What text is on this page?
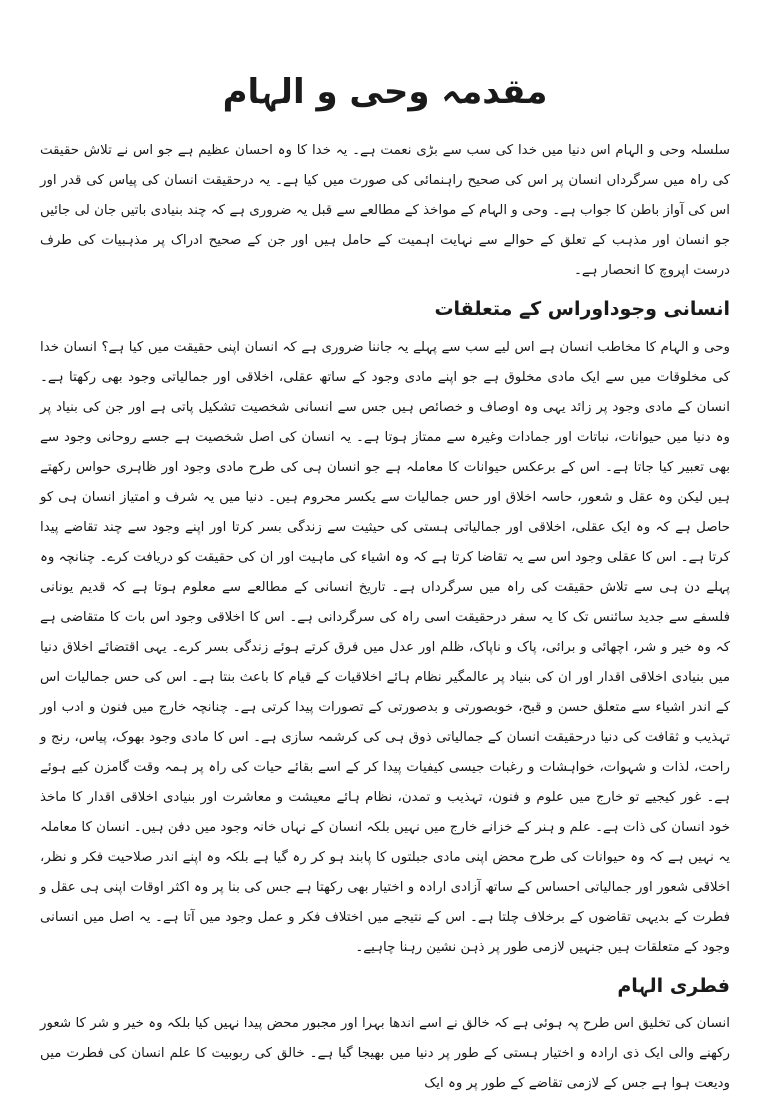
مقدمہ وحی و الہام

سلسلہ وحی و الہام اس دنیا میں خدا کی سب سے بڑی نعمت ہے۔ یہ خدا کا وہ احسان عظیم ہے جو اس نے تلاش حقیقت کی راہ میں سرگرداں انسان پر اس کی صحیح راہنمائی کی صورت میں کیا ہے۔ یہ درحقیقت انسان کی پیاس کی قدر اور اس کی آواز باطن کا جواب ہے۔ وحی و الہام کے مواخذ کے مطالعے سے قبل یہ ضروری ہے کہ چند بنیادی باتیں جان لی جائیں جو انسان اور مذہب کے تعلق کے حوالے سے نہایت اہمیت کے حامل ہیں اور جن کے صحیح ادراک پر مذہبیات کی طرف درست اپروچ کا انحصار ہے۔

انسانی وجوداوراس کے متعلقات

وحی و الہام کا مخاطب انسان ہے اس لیے سب سے پہلے یہ جاننا ضروری ہے کہ انسان اپنی حقیقت میں کیا ہے؟ انسان خدا کی مخلوقات میں سے ایک مادی مخلوق ہے جو اپنے مادی وجود کے ساتھ عقلی، اخلاقی اور جمالیاتی وجود بھی رکھتا ہے۔ انسان کے مادی وجود پر زائد یہی وہ اوصاف و خصائص ہیں جس سے انسانی شخصیت تشکیل پاتی ہے اور جن کی بنیاد پر وہ دنیا میں حیوانات، نباتات اور جمادات وغیرہ سے ممتاز ہوتا ہے۔ یہ انسان کی اصل شخصیت ہے جسے روحانی وجود سے بھی تعبیر کیا جاتا ہے۔ اس کے برعکس حیوانات کا معاملہ ہے جو انسان ہی کی طرح مادی وجود اور ظاہری حواس رکھتے ہیں لیکن وہ عقل و شعور، حاسہ اخلاق اور حس جمالیات سے یکسر محروم ہیں۔ دنیا میں یہ شرف و امتیاز انسان ہی کو حاصل ہے کہ وہ ایک عقلی، اخلاقی اور جمالیاتی ہستی کی حیثیت سے زندگی بسر کرتا اور اپنے وجود سے چند تقاضے پیدا کرتا ہے۔ اس کا عقلی وجود اس سے یہ تقاضا کرتا ہے کہ وہ اشیاء کی ماہیت اور ان کی حقیقت کو دریافت کرے۔ چنانچہ وہ پہلے دن ہی سے تلاش حقیقت کی راہ میں سرگرداں ہے۔ تاریخ انسانی کے مطالعے سے معلوم ہوتا ہے کہ قدیم یونانی فلسفے سے جدید سائنس تک کا یہ سفر درحقیقت اسی راہ کی سرگردانی ہے۔ اس کا اخلاقی وجود اس بات کا متقاضی ہے کہ وہ خیر و شر، اچھائی و برائی، پاک و ناپاک، ظلم اور عدل میں فرق کرتے ہوئے زندگی بسر کرے۔ یہی اقتضائے اخلاق دنیا میں بنیادی اخلاقی اقدار اور ان کی بنیاد پر عالمگیر نظام ہائے اخلاقیات کے قیام کا باعث بنتا ہے۔ اس کی حس جمالیات اس کے اندر اشیاء سے متعلق حسن و قبح، خوبصورتی و بدصورتی کے تصورات پیدا کرتی ہے۔ چنانچہ خارج میں فنون و ادب اور تہذیب و ثقافت کی دنیا درحقیقت انسان کے جمالیاتی ذوق ہی کی کرشمہ سازی ہے۔ اس کا مادی وجود بھوک، پیاس، رنج و راحت، لذات و شہوات، خواہشات و رغبات جیسی کیفیات پیدا کر کے اسے بقائے حیات کی راہ پر ہمہ وقت گامزن کیے ہوئے ہے۔ غور کیجیے تو خارج میں علوم و فنون، تہذیب و تمدن، نظام ہائے معیشت و معاشرت اور بنیادی اخلاقی اقدار کا ماخذ خود انسان کی ذات ہے۔ علم و ہنر کے خزانے خارج میں نہیں بلکہ انسان کے نہاں خانہ وجود میں دفن ہیں۔ انسان کا معاملہ یہ نہیں ہے کہ وہ حیوانات کی طرح محض اپنی مادی جبلتوں کا پابند ہو کر رہ گیا ہے بلکہ وہ اپنے اندر صلاحیت فکر و نظر، اخلاقی شعور اور جمالیاتی احساس کے ساتھ آزادی ارادہ و اختیار بھی رکھتا ہے جس کی بنا پر وہ اکثر اوقات اپنی ہی عقل و فطرت کے بدیہی تقاضوں کے برخلاف چلتا ہے۔ اس کے نتیجے میں اختلاف فکر و عمل وجود میں آتا ہے۔ یہ اصل میں انسانی وجود کے متعلقات ہیں جنہیں لازمی طور پر ذہن نشین رہنا چاہیے۔

فطری الہام

انسان کی تخلیق اس طرح پہ ہوئی ہے کہ خالق نے اسے اندھا بہرا اور مجبور محض پیدا نہیں کیا بلکہ وہ خیر و شر کا شعور رکھنے والی ایک ذی ارادہ و اختیار ہستی کے طور پر دنیا میں بھیجا گیا ہے۔ خالق کی ربوبیت کا علم انسان کی فطرت میں ودیعت ہوا ہے جس کے لازمی تقاضے کے طور پر وہ ایک
